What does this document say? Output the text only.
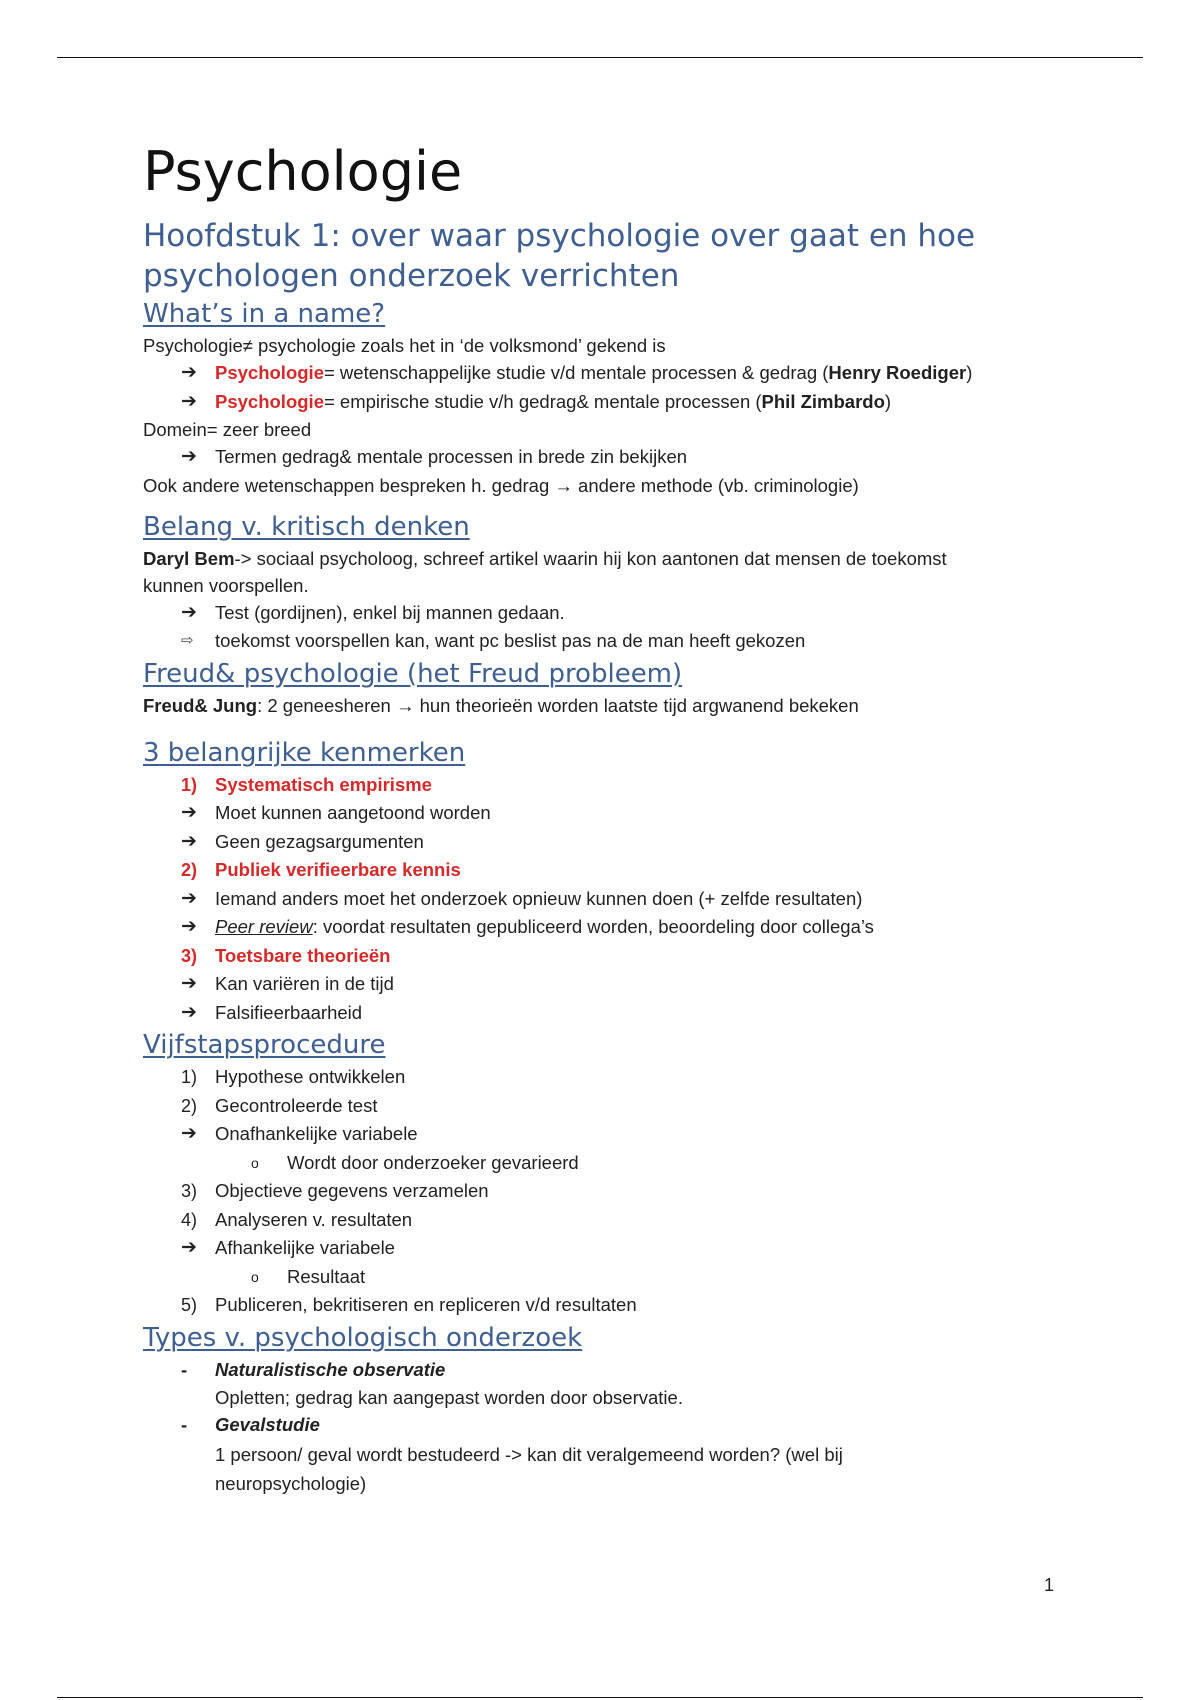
Psychologie
Hoofdstuk 1: over waar psychologie over gaat en hoe
psychologen onderzoek verrichten
What’s in a name?

Psychologie≠ psychologie zoals het in ‘de volksmond’ gekend is

➔ Psychologie= wetenschappelijke studie v/d mentale processen & gedrag (Henry Roediger)
➔ Psychologie= empirische studie v/h gedrag& mentale processen (Phil Zimbardo)

Domein= zeer breed

➔ Termen gedrag& mentale processen in brede zin bekijken

Ook andere wetenschappen bespreken h. gedrag → andere methode (vb. criminologie)

Belang v. kritisch denken

Daryl Bem-> sociaal psycholoog, schreef artikel waarin hij kon aantonen dat mensen de toekomst
kunnen voorspellen.

➔ Test (gordijnen), enkel bij mannen gedaan.
⇨	toekomst voorspellen kan, want pc beslist pas na de man heeft gekozen
Freud& psychologie (het Freud probleem)

Freud& Jung: 2 geneesheren → hun theorieën worden laatste tijd argwanend bekeken

3 belangrijke kenmerken
1) Systematisch empirisme
➔ Moet kunnen aangetoond worden
➔ Geen gezagsargumenten
2) Publiek verifieerbare kennis
➔ Iemand anders moet het onderzoek opnieuw kunnen doen (+ zelfde resultaten)
➔ Peer review: voordat resultaten gepubliceerd worden, beoordeling door collega’s
3) Toetsbare theorieën
➔ Kan variëren in de tijd
➔ Falsifieerbaarheid
Vijfstapsprocedure
1) Hypothese ontwikkelen
2) Gecontroleerde test
➔ Onafhankelijke variabele
o	Wordt door onderzoeker gevarieerd
3) Objectieve gegevens verzamelen
4) Analyseren v. resultaten
➔ Afhankelijke variabele
o	Resultaat
5) Publiceren, bekritiseren en repliceren v/d resultaten
Types v. psychologisch onderzoek
-	Naturalistische observatie

Opletten; gedrag kan aangepast worden door observatie.

-	Gevalstudie

1 persoon/ geval wordt bestudeerd -> kan dit veralgemeend worden? (wel bij
neuropsychologie)

1
